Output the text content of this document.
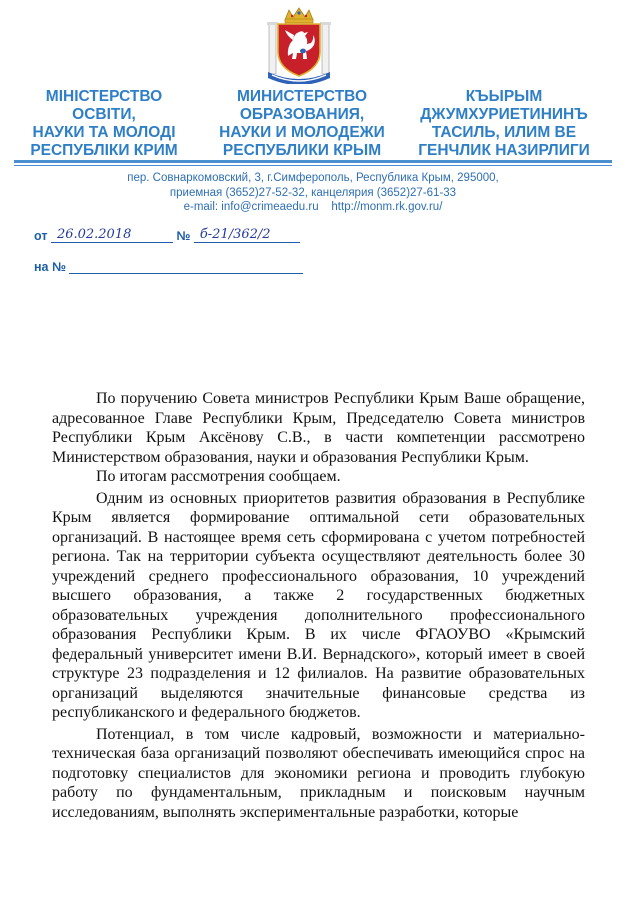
МІНІСТЕРСТВО
ОСВІТИ,
НАУКИ ТА МОЛОДІ
РЕСПУБЛІКИ КРИМ
МИНИСТЕРСТВО
ОБРАЗОВАНИЯ,
НАУКИ И МОЛОДЕЖИ
РЕСПУБЛИКИ КРЫМ
КЪЫРЫМ
ДЖУМХУРИЕТИНИНЪ
ТАСИЛЬ, ИЛИМ ВЕ
ГЕНЧЛИК НАЗИРЛИГИ
пер. Совнаркомовский, 3, г.Симферополь, Республика Крым, 295000,
приемная (3652)27-52-32, канцелярия (3652)27-61-33
e-mail: info@crimeaedu.ru http://monm.rk.gov.ru/
от 26.02.2018	№ б-21/362/2
на №

По поручению Совета министров Республики Крым Ваше обращение, адресованное Главе Республики Крым, Председателю Совета министров Республики Крым Аксёнову С.В., в части компетенции рассмотрено Министерством образования, науки и образования Республики Крым.

По итогам рассмотрения сообщаем.

Одним из основных приоритетов развития образования в Республике Крым является формирование оптимальной сети образовательных организаций. В настоящее время сеть сформирована с учетом потребностей региона. Так на территории субъекта осуществляют деятельность более 30 учреждений среднего профессионального образования, 10 учреждений высшего образования, а также 2 государственных бюджетных образовательных учреждения дополнительного профессионального образования Республики Крым. В их числе ФГАОУВО «Крымский федеральный университет имени В.И. Вернадского», который имеет в своей структуре 23 подразделения и 12 филиалов. На развитие образовательных организаций выделяются значительные финансовые средства из республиканского и федерального бюджетов.

Потенциал, в том числе кадровый, возможности и материально-техническая база организаций позволяют обеспечивать имеющийся спрос на подготовку специалистов для экономики региона и проводить глубокую работу по фундаментальным, прикладным и поисковым научным исследованиям, выполнять экспериментальные разработки, которые
